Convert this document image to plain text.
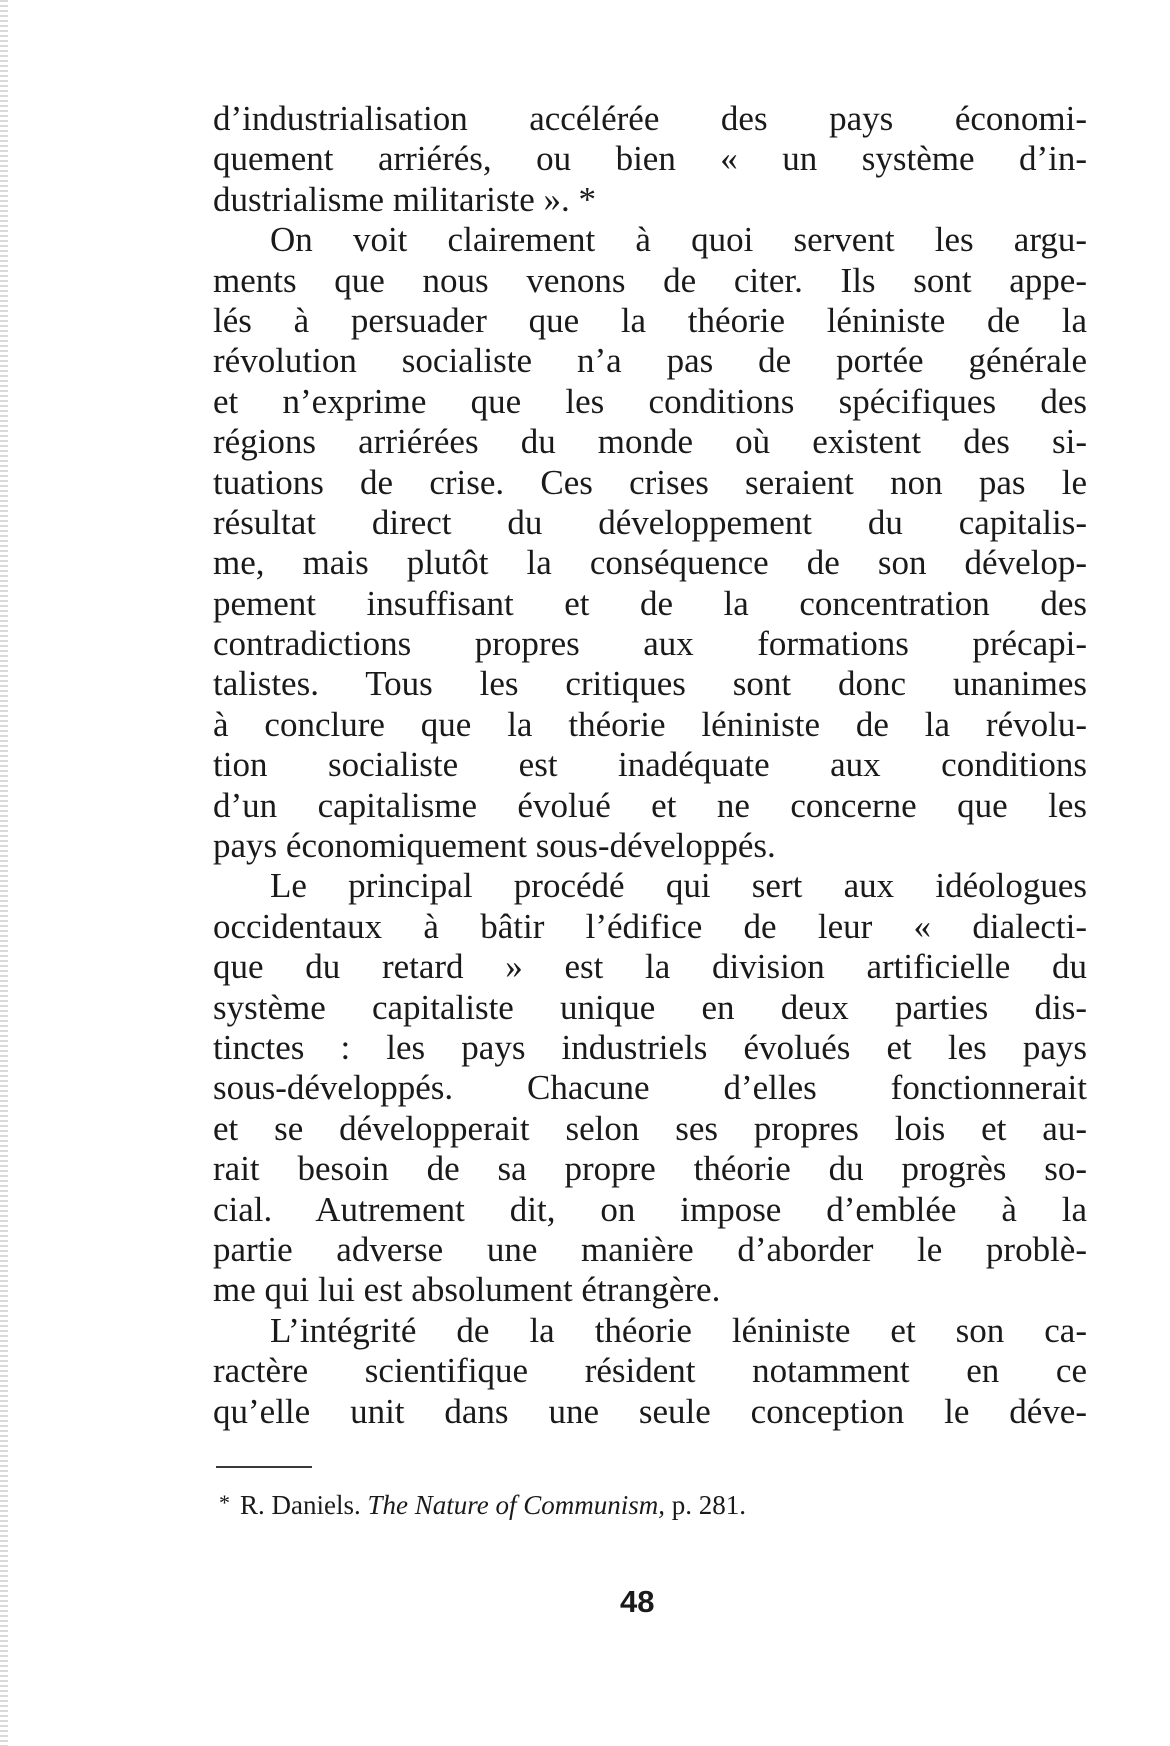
d’industrialisation accélérée des pays économi-
quement arriérés, ou bien « un système d’in-
dustrialisme militariste ». *
On voit clairement à quoi servent les argu-
ments que nous venons de citer. Ils sont appe-
lés à persuader que la théorie léniniste de la
révolution socialiste n’a pas de portée générale
et n’exprime que les conditions spécifiques des
régions arriérées du monde où existent des si-
tuations de crise. Ces crises seraient non pas le
résultat direct du développement du capitalis-
me, mais plutôt la conséquence de son dévelop-
pement insuffisant et de la concentration des
contradictions propres aux formations précapi-
talistes. Tous les critiques sont donc unanimes
à conclure que la théorie léniniste de la révolu-
tion socialiste est inadéquate aux conditions
d’un capitalisme évolué et ne concerne que les
pays économiquement sous-développés.
Le principal procédé qui sert aux idéologues
occidentaux à bâtir l’édifice de leur « dialecti-
que du retard » est la division artificielle du
système capitaliste unique en deux parties dis-
tinctes : les pays industriels évolués et les pays
sous-développés. Chacune d’elles fonctionnerait
et se développerait selon ses propres lois et au-
rait besoin de sa propre théorie du progrès so-
cial. Autrement dit, on impose d’emblée à la
partie adverse une manière d’aborder le problè-
me qui lui est absolument étrangère.
L’intégrité de la théorie léniniste et son ca-
ractère scientifique résident notamment en ce
qu’elle unit dans une seule conception le déve-
* R. Daniels. The Nature of Communism, p. 281.
48
